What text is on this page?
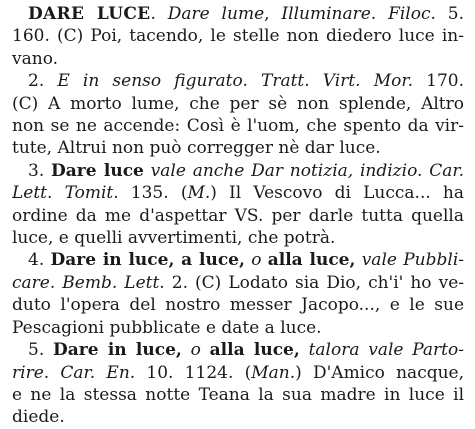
DARE LUCE. Dare lume, Illuminare. Filoc. 5.
160. (C) Poi, tacendo, le stelle non diedero luce in-
vano.
2. E in senso figurato. Tratt. Virt. Mor. 170.
(C) A morto lume, che per sè non splende, Altro
non se ne accende: Così è l'uom, che spento da vir-
tute, Altrui non può corregger nè dar luce.
3. Dare luce vale anche Dar notizia, indizio. Car.
Lett. Tomit. 135. (M.) Il Vescovo di Lucca... ha
ordine da me d'aspettar VS. per darle tutta quella
luce, e quelli avvertimenti, che potrà.
4. Dare in luce, a luce, o alla luce, vale Pubbli-
care. Bemb. Lett. 2. (C) Lodato sia Dio, ch'i' ho ve-
duto l'opera del nostro messer Jacopo..., e le sue
Pescagioni pubblicate e date a luce.
5. Dare in luce, o alla luce, talora vale Parto-
rire. Car. En. 10. 1124. (Man.) D'Amico nacque,
e ne la stessa notte Teana la sua madre in luce il
diede.
